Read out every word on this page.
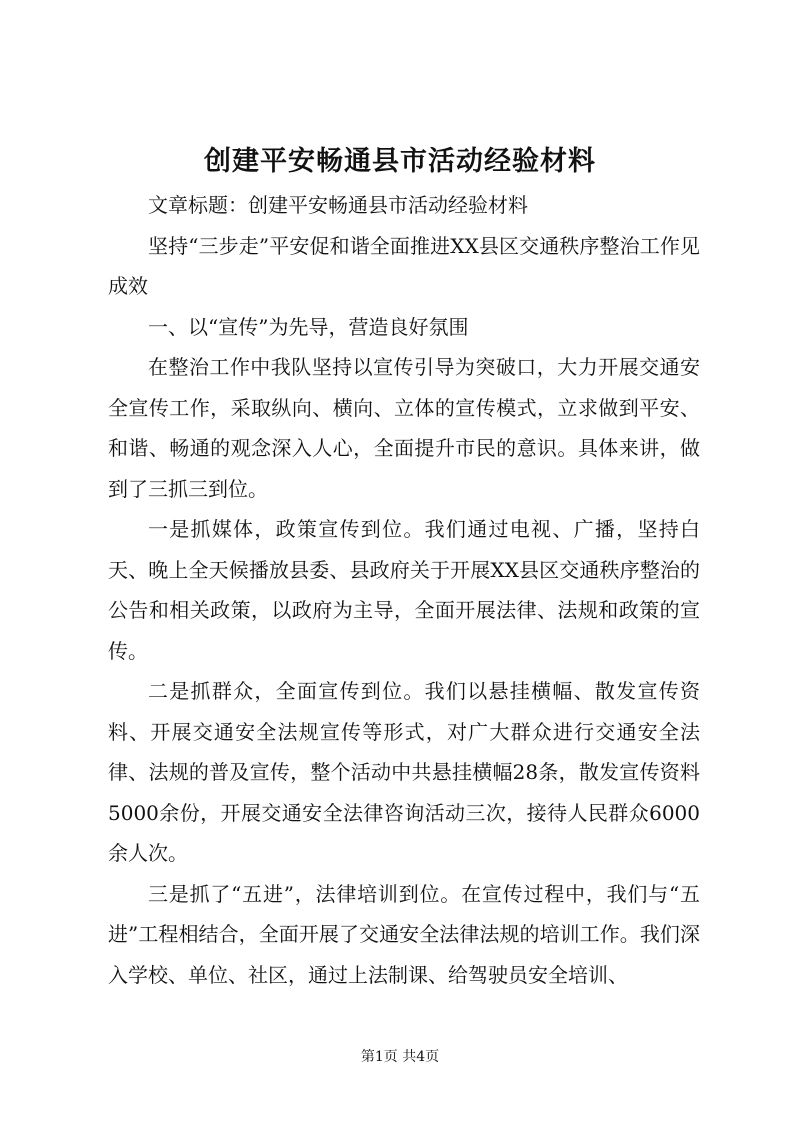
创建平安畅通县市活动经验材料

文章标题：创建平安畅通县市活动经验材料

坚持“三步走”平安促和谐全面推进XX县区交通秩序整治工作见成效

一、以“宣传”为先导，营造良好氛围

在整治工作中我队坚持以宣传引导为突破口，大力开展交通安全宣传工作，采取纵向、横向、立体的宣传模式，立求做到平安、和谐、畅通的观念深入人心，全面提升市民的意识。具体来讲，做到了三抓三到位。

一是抓媒体，政策宣传到位。我们通过电视、广播，坚持白天、晚上全天候播放县委、县政府关于开展XX县区交通秩序整治的公告和相关政策，以政府为主导，全面开展法律、法规和政策的宣传。

二是抓群众，全面宣传到位。我们以悬挂横幅、散发宣传资料、开展交通安全法规宣传等形式，对广大群众进行交通安全法律、法规的普及宣传，整个活动中共悬挂横幅28条，散发宣传资料5000余份，开展交通安全法律咨询活动三次，接待人民群众6000余人次。

三是抓了“五进”，法律培训到位。在宣传过程中，我们与“五进”工程相结合，全面开展了交通安全法律法规的培训工作。我们深入学校、单位、社区，通过上法制课、给驾驶员安全培训、

第1页 共4页
